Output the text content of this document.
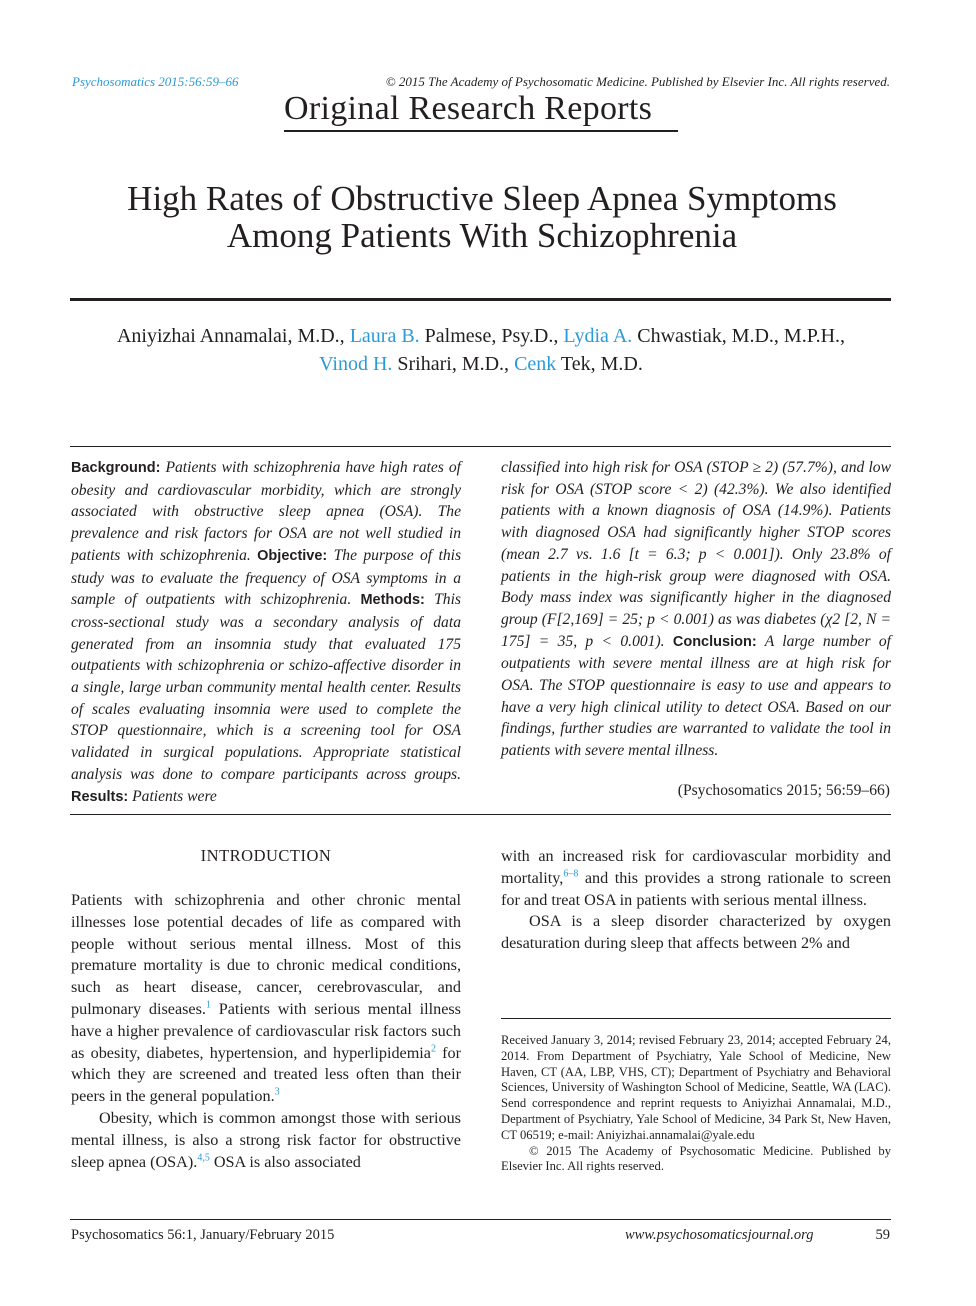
Psychosomatics 2015:56:59–66	© 2015 The Academy of Psychosomatic Medicine. Published by Elsevier Inc. All rights reserved.
Original Research Reports
High Rates of Obstructive Sleep Apnea Symptoms
Among Patients With Schizophrenia
Aniyizhai Annamalai, M.D., Laura B. Palmese, Psy.D., Lydia A. Chwastiak, M.D., M.P.H.,
Vinod H. Srihari, M.D., Cenk Tek, M.D.
Background: Patients with schizophrenia have high rates of obesity and cardiovascular morbidity, which are strongly associated with obstructive sleep apnea (OSA). The prevalence and risk factors for OSA are not well studied in patients with schizophrenia. Objective: The purpose of this study was to evaluate the frequency of OSA symptoms in a sample of outpatients with schizophrenia. Methods: This cross-sectional study was a secondary analysis of data generated from an insomnia study that evaluated 175 outpatients with schizophrenia or schizo-affective disorder in a single, large urban community mental health center. Results of scales evaluating insomnia were used to complete the STOP questionnaire, which is a screening tool for OSA validated in surgical populations. Appropriate statistical analysis was done to compare participants across groups. Results: Patients were
classified into high risk for OSA (STOP ≥ 2) (57.7%), and low risk for OSA (STOP score < 2) (42.3%). We also identified patients with a known diagnosis of OSA (14.9%). Patients with diagnosed OSA had significantly higher STOP scores (mean 2.7 vs. 1.6 [t = 6.3; p < 0.001]). Only 23.8% of patients in the high-risk group were diagnosed with OSA. Body mass index was significantly higher in the diagnosed group (F[2,169] = 25; p < 0.001) as was diabetes (χ2 [2, N = 175] = 35, p < 0.001). Conclusion: A large number of outpatients with severe mental illness are at high risk for OSA. The STOP questionnaire is easy to use and appears to have a very high clinical utility to detect OSA. Based on our findings, further studies are warranted to validate the tool in patients with severe mental illness.
(Psychosomatics 2015; 56:59–66)
INTRODUCTION

Patients with schizophrenia and other chronic mental illnesses lose potential decades of life as compared with people without serious mental illness. Most of this premature mortality is due to chronic medical conditions, such as heart disease, cancer, cerebrovascular, and pulmonary diseases.$^1$ Patients with serious mental illness have a higher prevalence of cardiovascular risk factors such as obesity, diabetes, hypertension, and hyperlipidemia$^2$ for which they are screened and treated less often than their peers in the general population.$^3$

Obesity, which is common amongst those with serious mental illness, is also a strong risk factor for obstructive sleep apnea (OSA).$^{4,5}$ OSA is also associated

with an increased risk for cardiovascular morbidity and mortality,$^{6-8}$ and this provides a strong rationale to screen for and treat OSA in patients with serious mental illness.

OSA is a sleep disorder characterized by oxygen desaturation during sleep that affects between 2% and

Received January 3, 2014; revised February 23, 2014; accepted February 24, 2014. From Department of Psychiatry, Yale School of Medicine, New Haven, CT (AA, LBP, VHS, CT); Department of Psychiatry and Behavioral Sciences, University of Washington School of Medicine, Seattle, WA (LAC). Send correspondence and reprint requests to Aniyizhai Annamalai, M.D., Department of Psychiatry, Yale School of Medicine, 34 Park St, New Haven, CT 06519; e-mail: Aniyizhai.annamalai@yale.edu

© 2015 The Academy of Psychosomatic Medicine. Published by Elsevier Inc. All rights reserved.

Psychosomatics 56:1, January/February 2015	www.psychosomaticsjournal.org	59
